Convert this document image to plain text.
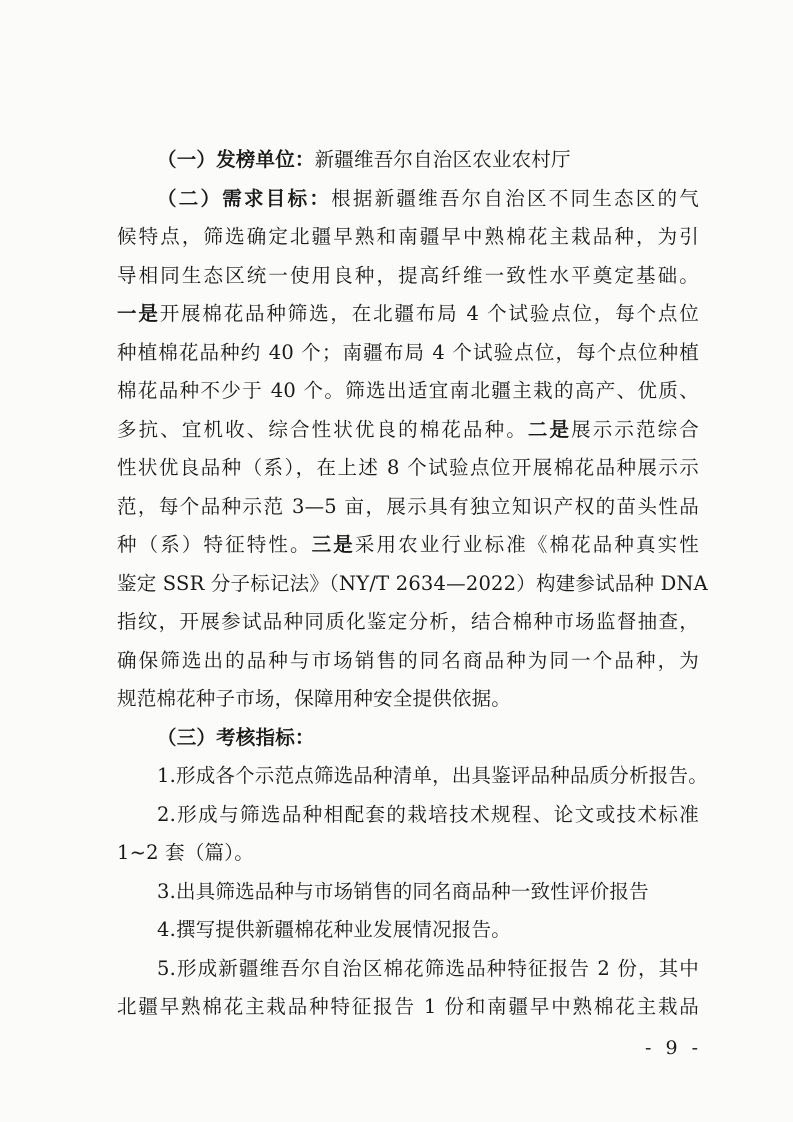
（一）发榜单位：新疆维吾尔自治区农业农村厅
（二）需求目标：根据新疆维吾尔自治区不同生态区的气
候特点，筛选确定北疆早熟和南疆早中熟棉花主栽品种，为引
导相同生态区统一使用良种，提高纤维一致性水平奠定基础。
一是开展棉花品种筛选，在北疆布局 4 个试验点位，每个点位
种植棉花品种约 40 个；南疆布局 4 个试验点位，每个点位种植
棉花品种不少于 40 个。筛选出适宜南北疆主栽的高产、优质、
多抗、宜机收、综合性状优良的棉花品种。二是展示示范综合
性状优良品种（系），在上述 8 个试验点位开展棉花品种展示示
范，每个品种示范 3—5 亩，展示具有独立知识产权的苗头性品
种（系）特征特性。三是采用农业行业标准《棉花品种真实性
鉴定 SSR 分子标记法》（NY/T 2634—2022）构建参试品种 DNA
指纹，开展参试品种同质化鉴定分析，结合棉种市场监督抽查，
确保筛选出的品种与市场销售的同名商品种为同一个品种，为
规范棉花种子市场，保障用种安全提供依据。
（三）考核指标：
1.形成各个示范点筛选品种清单，出具鉴评品种品质分析报告。
2.形成与筛选品种相配套的栽培技术规程、论文或技术标准
1~2 套（篇）。
3.出具筛选品种与市场销售的同名商品种一致性评价报告
4.撰写提供新疆棉花种业发展情况报告。
5.形成新疆维吾尔自治区棉花筛选品种特征报告 2 份，其中
北疆早熟棉花主栽品种特征报告 1 份和南疆早中熟棉花主栽品
- 9 -
